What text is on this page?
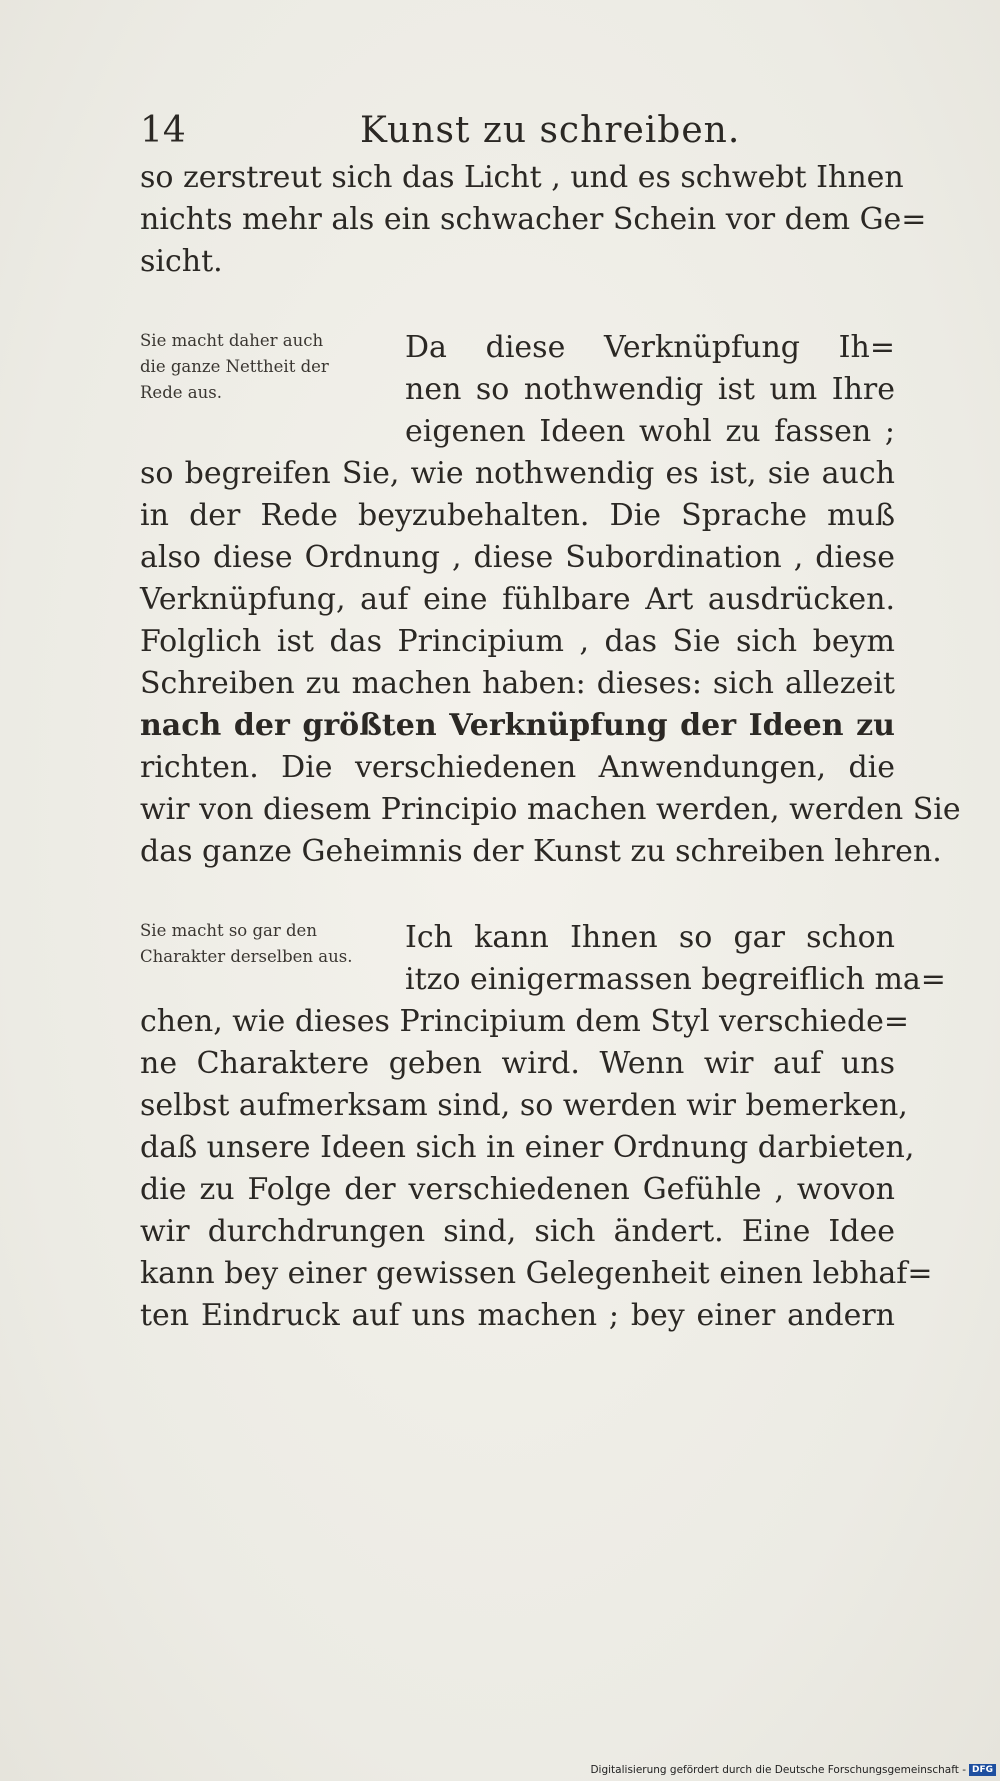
14	Kunst zu schreiben.
so zerstreut sich das Licht , und es schwebt Ihnen
nichts mehr als ein schwacher Schein vor dem Ge=
sicht.
Sie macht daher auch
die ganze Nettheit der
Rede aus.
Da diese Verknüpfung Ih=
nen so nothwendig ist um Ihre
eigenen Ideen wohl zu fassen ;
so begreifen Sie, wie nothwendig es ist, sie auch
in der Rede beyzubehalten. Die Sprache muß
also diese Ordnung , diese Subordination , diese
Verknüpfung, auf eine fühlbare Art ausdrücken.
Folglich ist das Principium , das Sie sich beym
Schreiben zu machen haben: dieses: sich allezeit
nach der größten Verknüpfung der Ideen zu
richten. Die verschiedenen Anwendungen, die
wir von diesem Principio machen werden, werden Sie
das ganze Geheimnis der Kunst zu schreiben lehren.
Sie macht so gar den
Charakter derselben aus.
Ich kann Ihnen so gar schon
itzo einigermassen begreiflich ma=
chen, wie dieses Principium dem Styl verschiede=
ne Charaktere geben wird. Wenn wir auf uns
selbst aufmerksam sind, so werden wir bemerken,
daß unsere Ideen sich in einer Ordnung darbieten,
die zu Folge der verschiedenen Gefühle , wovon
wir durchdrungen sind, sich ändert. Eine Idee
kann bey einer gewissen Gelegenheit einen lebhaf=
ten Eindruck auf uns machen ; bey einer andern
Digitalisierung gefördert durch die Deutsche Forschungsgemeinschaft - DFG
